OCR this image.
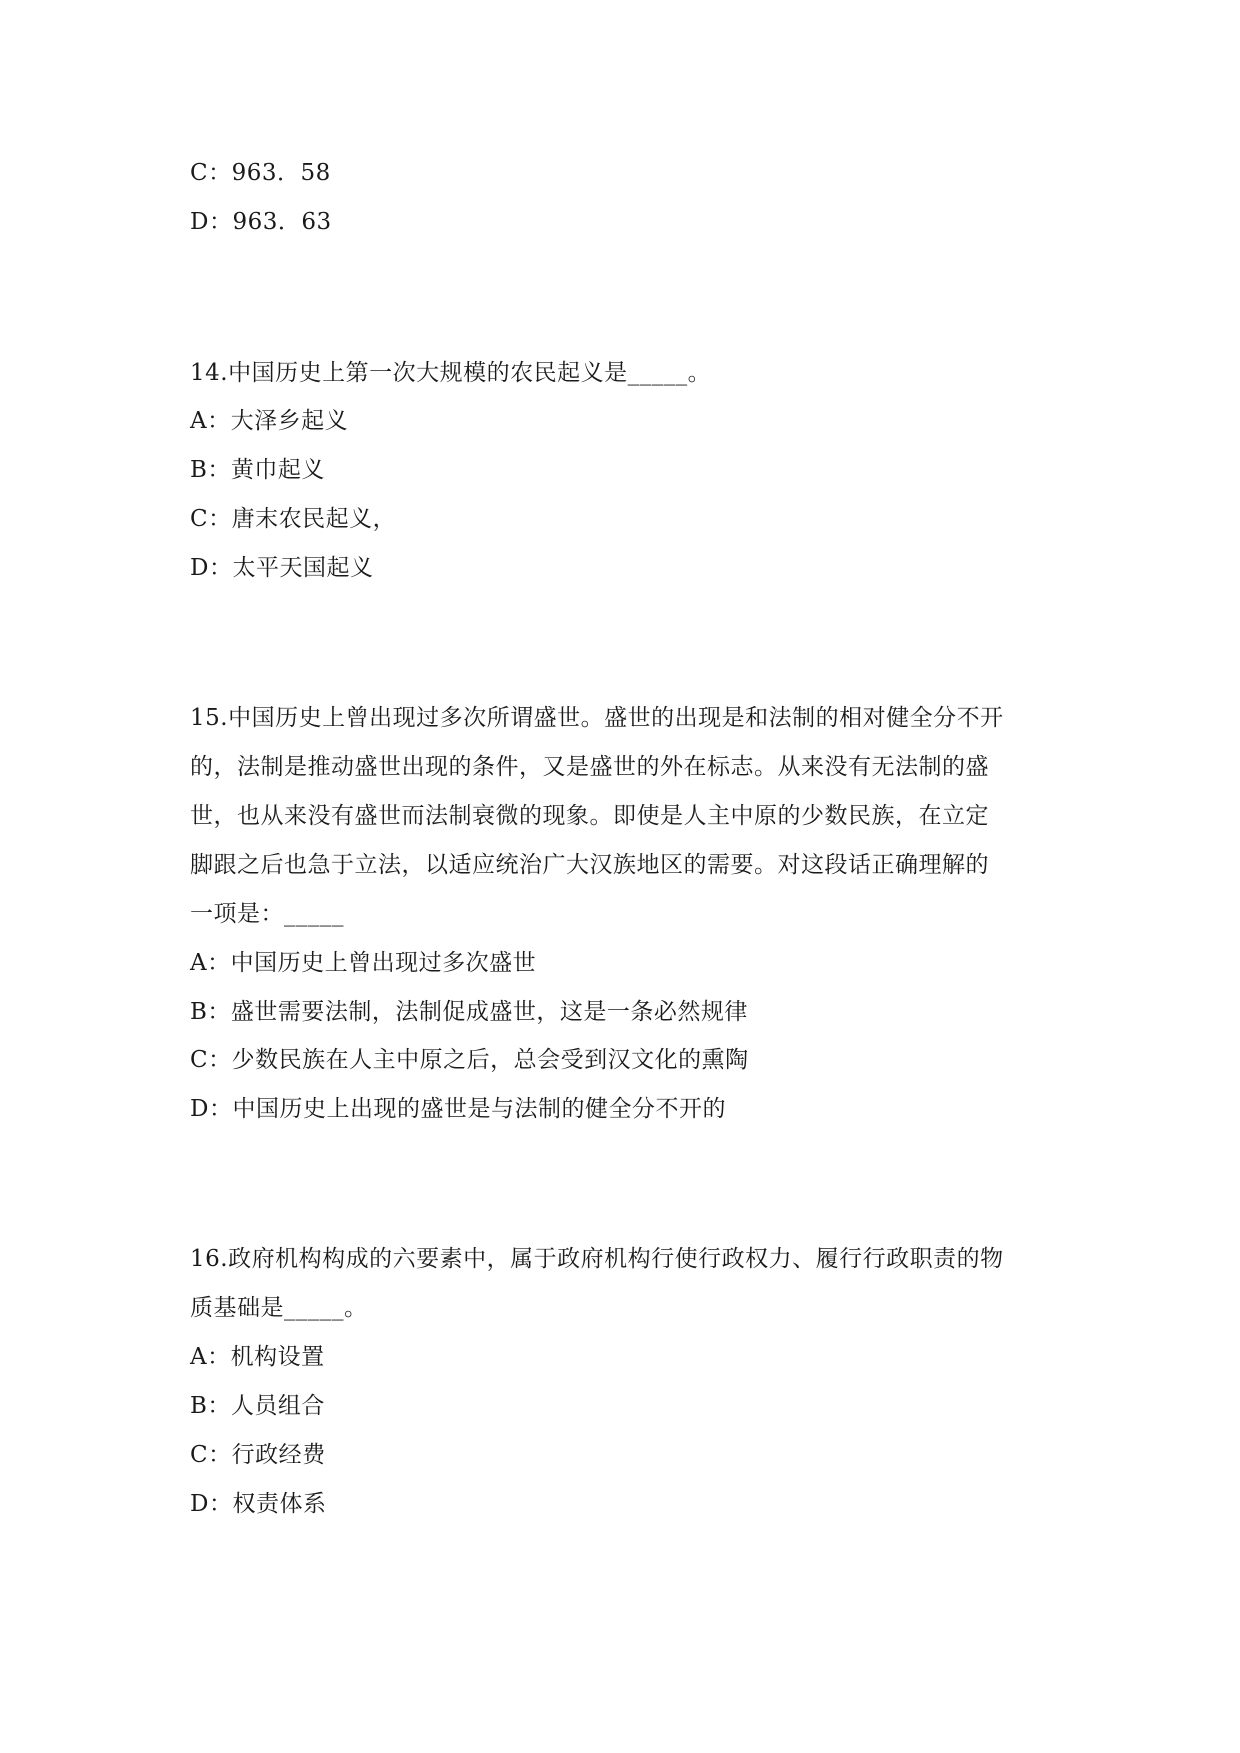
C：963．58
D：963．63
14.中国历史上第一次大规模的农民起义是_____。
A：大泽乡起义
B：黄巾起义
C：唐末农民起义，
D：太平天国起义
15.中国历史上曾出现过多次所谓盛世。盛世的出现是和法制的相对健全分不开
的，法制是推动盛世出现的条件，又是盛世的外在标志。从来没有无法制的盛
世，也从来没有盛世而法制衰微的现象。即使是人主中原的少数民族，在立定
脚跟之后也急于立法，以适应统治广大汉族地区的需要。对这段话正确理解的
一项是：_____
A：中国历史上曾出现过多次盛世
B：盛世需要法制，法制促成盛世，这是一条必然规律
C：少数民族在人主中原之后，总会受到汉文化的熏陶
D：中国历史上出现的盛世是与法制的健全分不开的
16.政府机构构成的六要素中，属于政府机构行使行政权力、履行行政职责的物
质基础是_____。
A：机构设置
B：人员组合
C：行政经费
D：权责体系
